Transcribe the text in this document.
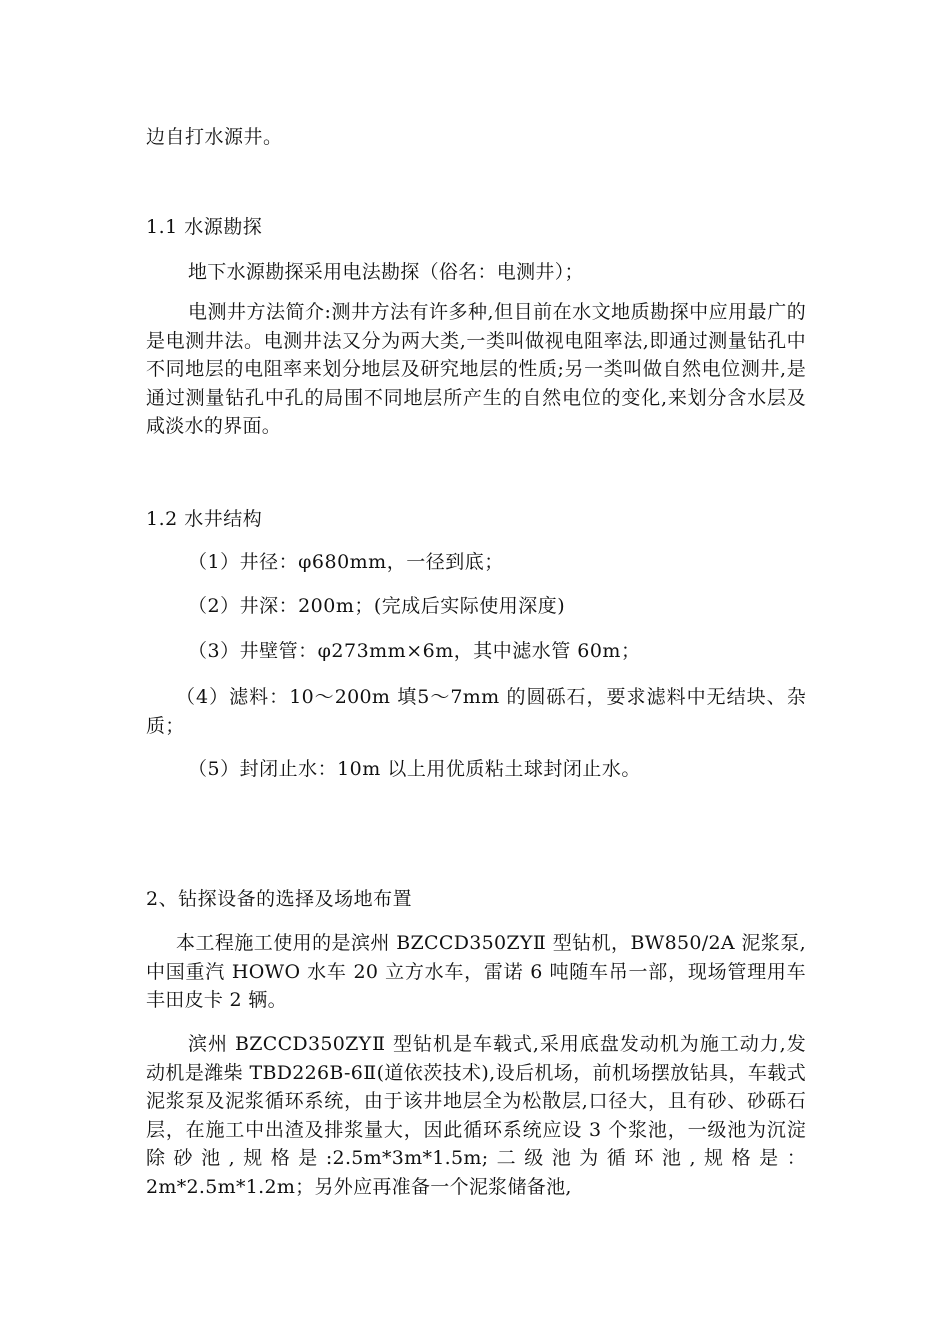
边自打水源井。
1.1 水源勘探
地下水源勘探采用电法勘探（俗名：电测井）；
电测井方法简介:测井方法有许多种,但目前在水文地质勘探中应用最广的是电测井法。电测井法又分为两大类,一类叫做视电阻率法,即通过测量钻孔中不同地层的电阻率来划分地层及研究地层的性质;另一类叫做自然电位测井,是通过测量钻孔中孔的局围不同地层所产生的自然电位的变化,来划分含水层及咸淡水的界面。
1.2 水井结构
（1）井径：φ680mm，一径到底；
（2）井深：200m；(完成后实际使用深度)
（3）井壁管：φ273mm×6m，其中滤水管 60m；
（4）滤料：10～200m 填5～7mm 的圆砾石，要求滤料中无结块、杂质；
（5）封闭止水：10m 以上用优质粘土球封闭止水。
2、钻探设备的选择及场地布置
本工程施工使用的是滨州 BZCCD350ZYⅡ 型钻机，BW850/2A 泥浆泵,中国重汽 HOWO 水车 20 立方水车，雷诺 6 吨随车吊一部，现场管理用车丰田皮卡 2 辆。
滨州 BZCCD350ZYⅡ 型钻机是车载式,采用底盘发动机为施工动力,发动机是潍柴 TBD226B-6Ⅱ(道依茨技术),设后机场，前机场摆放钻具，车载式泥浆泵及泥浆循环系统，由于该井地层全为松散层,口径大，且有砂、砂砾石层，在施工中出渣及排浆量大，因此循环系统应设 3 个浆池，一级池为沉淀除砂池,规格是:2.5m*3m*1.5m;二级池为循环池,规格是：2m*2.5m*1.2m；另外应再准备一个泥浆储备池,
